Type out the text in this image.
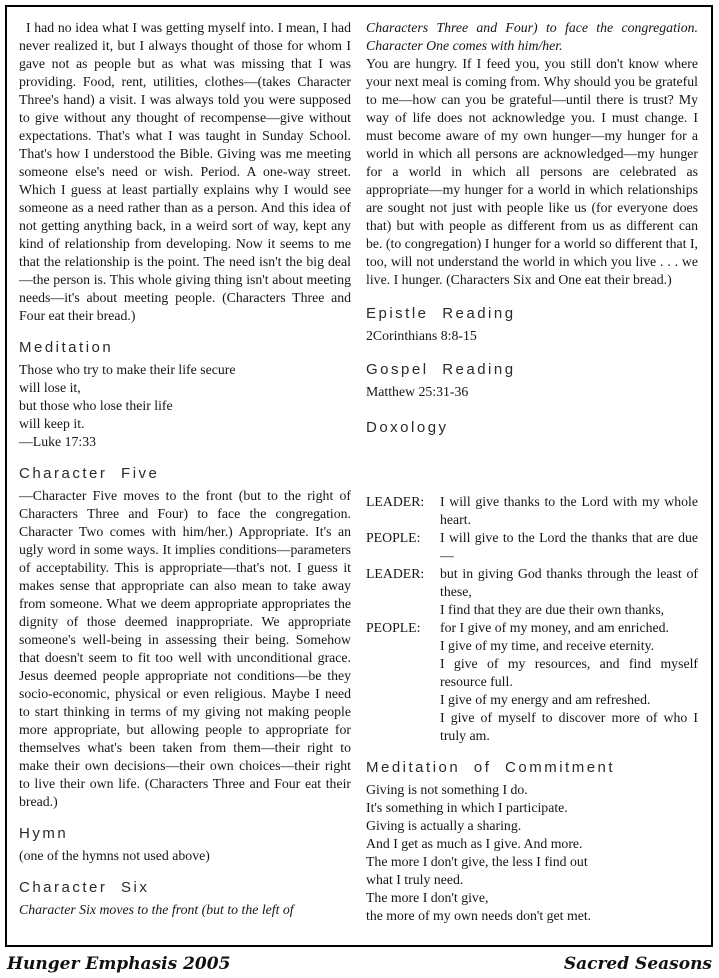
I had no idea what I was getting myself into. I mean, I had never realized it, but I always thought of those for whom I gave not as people but as what was missing that I was providing. Food, rent, utilities, clothes—(takes Character Three's hand) a visit. I was always told you were supposed to give without any thought of recompense—give without expectations. That's what I was taught in Sunday School. That's how I understood the Bible. Giving was me meeting someone else's need or wish. Period. A one-way street. Which I guess at least partially explains why I would see someone as a need rather than as a person. And this idea of not getting anything back, in a weird sort of way, kept any kind of relationship from developing. Now it seems to me that the relationship is the point. The need isn't the big deal—the person is. This whole giving thing isn't about meeting needs—it's about meeting people. (Characters Three and Four eat their bread.)

Meditation
Those who try to make their life secure
will lose it,
but those who lose their life
will keep it.
—Luke 17:33
Character Five

—Character Five moves to the front (but to the right of Characters Three and Four) to face the congregation. Character Two comes with him/her.) Appropriate. It's an ugly word in some ways. It implies conditions—parameters of acceptability. This is appropriate—that's not. I guess it makes sense that appropriate can also mean to take away from someone. What we deem appropriate appropriates the dignity of those deemed inappropriate. We appropriate someone's well-being in assessing their being. Somehow that doesn't seem to fit too well with unconditional grace. Jesus deemed people appropriate not conditions—be they socio-economic, physical or even religious. Maybe I need to start thinking in terms of my giving not making people more appropriate, but allowing people to appropriate for themselves what's been taken from them—their right to make their own decisions—their own choices—their right to live their own life. (Characters Three and Four eat their bread.)

Hymn
(one of the hymns not used above)
Character Six

Character Six moves to the front (but to the left of

Characters Three and Four) to face the congregation. Character One comes with him/her.

You are hungry. If I feed you, you still don't know where your next meal is coming from. Why should you be grateful to me—how can you be grateful—until there is trust? My way of life does not acknowledge you. I must change. I must become aware of my own hunger—my hunger for a world in which all persons are acknowledged—my hunger for a world in which all persons are celebrated as appropriate—my hunger for a world in which relationships are sought not just with people like us (for everyone does that) but with people as different from us as different can be. (to congregation) I hunger for a world so different that I, too, will not understand the world in which you live . . . we live. I hunger. (Characters Six and One eat their bread.)

Epistle Reading
2Corinthians 8:8-15
Gospel Reading
Matthew 25:31-36
Doxology
LEADER:	I will give thanks to the Lord with my whole heart.
PEOPLE:	I will give to the Lord the thanks that are due—
LEADER:	but in giving God thanks through the least of these,
I find that they are due their own thanks,
PEOPLE:	for I give of my money, and am enriched.
I give of my time, and receive eternity.
I give of my resources, and find myself resource full.
I give of my energy and am refreshed.
I give of myself to discover more of who I truly am.
Meditation of Commitment
Giving is not something I do.
It's something in which I participate.
Giving is actually a sharing.
And I get as much as I give. And more.
The more I don't give, the less I find out
what I truly need.
The more I don't give,
the more of my own needs don't get met.
Hunger Emphasis 2005	Sacred Seasons
